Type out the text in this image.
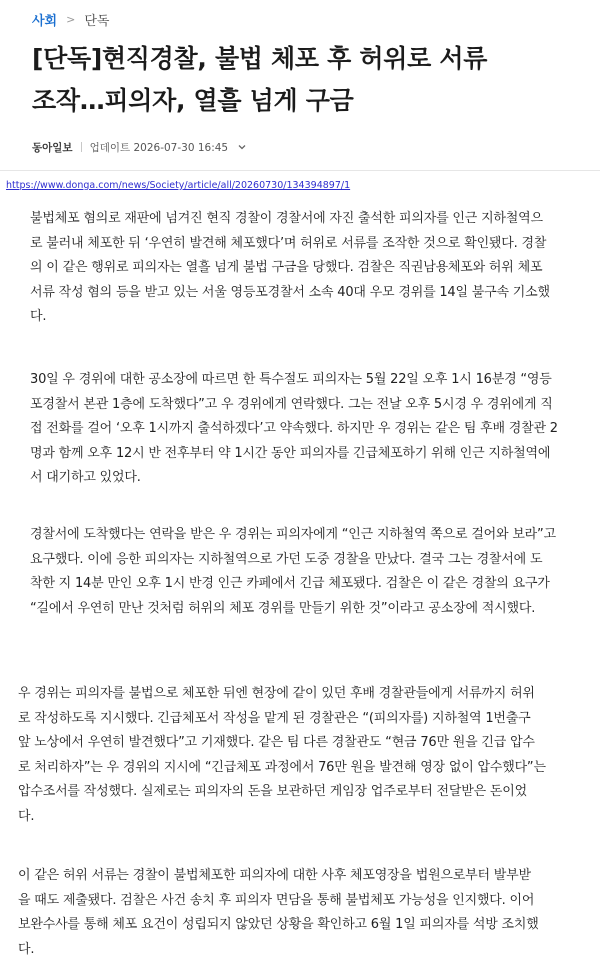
사회 > 단독
[단독]현직경찰, 불법 체포 후 허위로 서류
조작…피의자, 열흘 넘게 구금
동아일보 업데이트 2026-07-30 16:45
https://www.donga.com/news/Society/article/all/20260730/134394897/1
불법체포 혐의로 재판에 넘겨진 현직 경찰이 경찰서에 자진 출석한 피의자를 인근 지하철역으
로 불러내 체포한 뒤 ‘우연히 발견해 체포했다’며 허위로 서류를 조작한 것으로 확인됐다. 경찰
의 이 같은 행위로 피의자는 열흘 넘게 불법 구금을 당했다. 검찰은 직권남용체포와 허위 체포
서류 작성 혐의 등을 받고 있는 서울 영등포경찰서 소속 40대 우모 경위를 14일 불구속 기소했
다.
30일 우 경위에 대한 공소장에 따르면 한 특수절도 피의자는 5월 22일 오후 1시 16분경 “영등
포경찰서 본관 1층에 도착했다”고 우 경위에게 연락했다. 그는 전날 오후 5시경 우 경위에게 직
접 전화를 걸어 ‘오후 1시까지 출석하겠다’고 약속했다. 하지만 우 경위는 같은 팀 후배 경찰관 2
명과 함께 오후 12시 반 전후부터 약 1시간 동안 피의자를 긴급체포하기 위해 인근 지하철역에
서 대기하고 있었다.
경찰서에 도착했다는 연락을 받은 우 경위는 피의자에게 “인근 지하철역 쪽으로 걸어와 보라”고
요구했다. 이에 응한 피의자는 지하철역으로 가던 도중 경찰을 만났다. 결국 그는 경찰서에 도
착한 지 14분 만인 오후 1시 반경 인근 카페에서 긴급 체포됐다. 검찰은 이 같은 경찰의 요구가
“길에서 우연히 만난 것처럼 허위의 체포 경위를 만들기 위한 것”이라고 공소장에 적시했다.
우 경위는 피의자를 불법으로 체포한 뒤엔 현장에 같이 있던 후배 경찰관들에게 서류까지 허위
로 작성하도록 지시했다. 긴급체포서 작성을 맡게 된 경찰관은 “(피의자를) 지하철역 1번출구
앞 노상에서 우연히 발견했다”고 기재했다. 같은 팀 다른 경찰관도 “현금 76만 원을 긴급 압수
로 처리하자”는 우 경위의 지시에 “긴급체포 과정에서 76만 원을 발견해 영장 없이 압수했다”는
압수조서를 작성했다. 실제로는 피의자의 돈을 보관하던 게임장 업주로부터 전달받은 돈이었
다.
이 같은 허위 서류는 경찰이 불법체포한 피의자에 대한 사후 체포영장을 법원으로부터 발부받
을 때도 제출됐다. 검찰은 사건 송치 후 피의자 면담을 통해 불법체포 가능성을 인지했다. 이어
보완수사를 통해 체포 요건이 성립되지 않았던 상황을 확인하고 6월 1일 피의자를 석방 조치했
다.
